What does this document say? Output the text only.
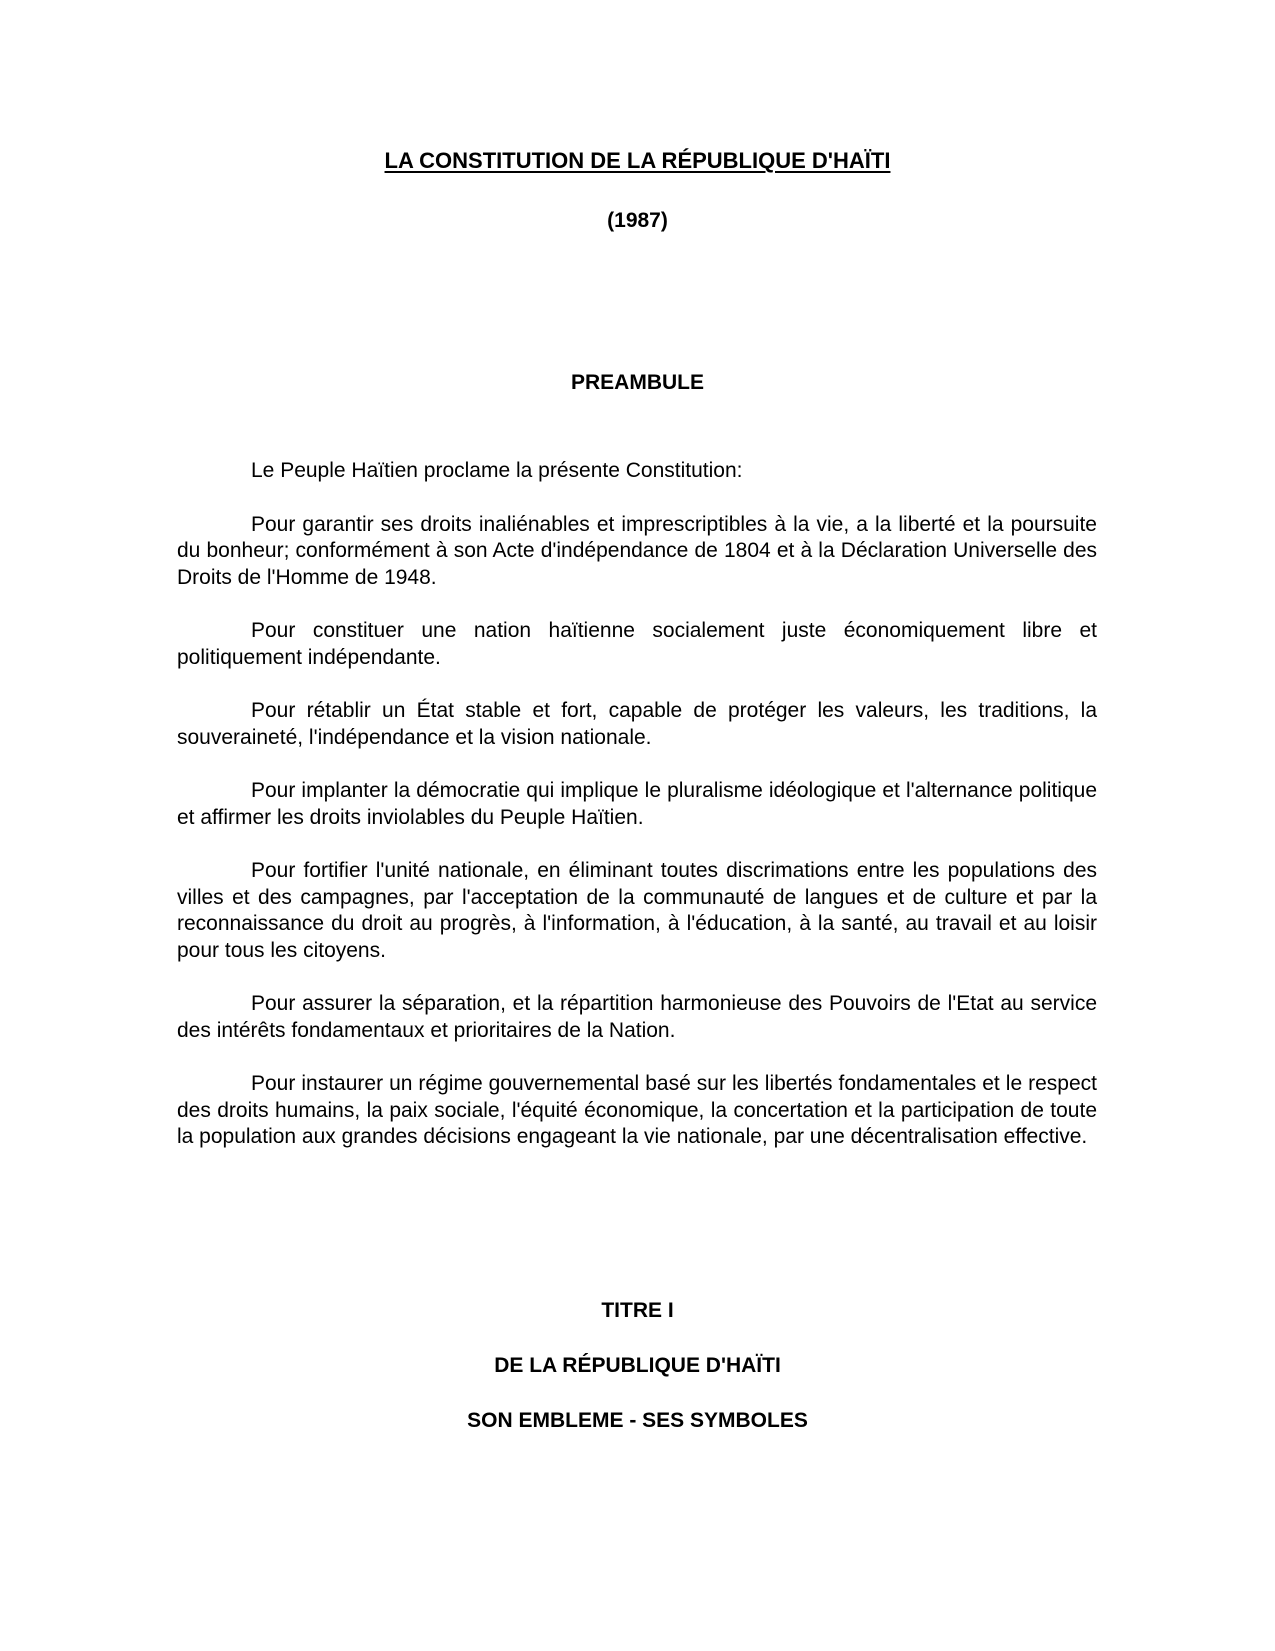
LA CONSTITUTION DE LA RÉPUBLIQUE D'HAÏTI
(1987)
PREAMBULE

Le Peuple Haïtien proclame la présente Constitution:

Pour garantir ses droits inaliénables et imprescriptibles à la vie, a la liberté et la poursuite du bonheur; conformément à son Acte d'indépendance de 1804 et à la Déclaration Universelle des Droits de l'Homme de 1948.

Pour constituer une nation haïtienne socialement juste économiquement libre et politiquement indépendante.

Pour rétablir un État stable et fort, capable de protéger les valeurs, les traditions, la souveraineté, l'indépendance et la vision nationale.

Pour implanter la démocratie qui implique le pluralisme idéologique et l'alternance politique et affirmer les droits inviolables du Peuple Haïtien.

Pour fortifier l'unité nationale, en éliminant toutes discrimations entre les populations des villes et des campagnes, par l'acceptation de la communauté de langues et de culture et par la reconnaissance du droit au progrès, à l'information, à l'éducation, à la santé, au travail et au loisir pour tous les citoyens.

Pour assurer la séparation, et la répartition harmonieuse des Pouvoirs de l'Etat au service des intérêts fondamentaux et prioritaires de la Nation.

Pour instaurer un régime gouvernemental basé sur les libertés fondamentales et le respect des droits humains, la paix sociale, l'équité économique, la concertation et la participation de toute la population aux grandes décisions engageant la vie nationale, par une décentralisation effective.

TITRE I
DE LA RÉPUBLIQUE D'HAÏTI
SON EMBLEME - SES SYMBOLES
